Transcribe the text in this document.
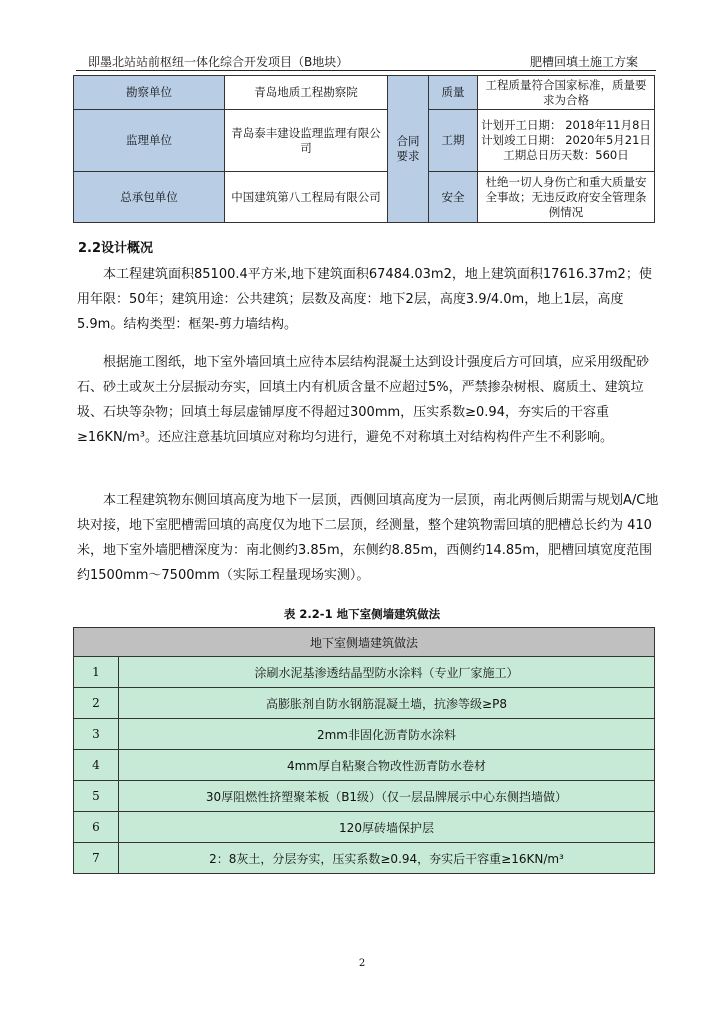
即墨北站站前枢纽一体化综合开发项目（B地块）	肥槽回填土施工方案
勘察单位	青岛地质工程勘察院	合同要求	质量	工程质量符合国家标准，质量要
求为合格

监理单位	青岛泰丰建设监理监理有限公司		工期	计划开工日期： 2018年11月8日
计划竣工日期： 2020年5月21日
工期总日历天数：560日

总承包单位	中国建筑第八工程局有限公司		安全	杜绝一切人身伤亡和重大质量安
全事故；无违反政府安全管理条
例情况
2.2设计概况

本工程建筑面积85100.4平方米,地下建筑面积67484.03m2，地上建筑面积17616.37m2；使用年限：50年；建筑用途：公共建筑；层数及高度：地下2层，高度3.9/4.0m，地上1层，高度5.9m。结构类型：框架-剪力墙结构。

根据施工图纸，地下室外墙回填土应待本层结构混凝土达到设计强度后方可回填，应采用级配砂石、砂土或灰土分层振动夯实，回填土内有机质含量不应超过5%，严禁掺杂树根、腐质土、建筑垃圾、石块等杂物；回填土每层虚铺厚度不得超过300mm，压实系数≥0.94，夯实后的干容重≥16KN/m³。还应注意基坑回填应对称均匀进行，避免不对称填土对结构构件产生不利影响。

本工程建筑物东侧回填高度为地下一层顶，西侧回填高度为一层顶，南北两侧后期需与规划A/C地块对接，地下室肥槽需回填的高度仅为地下二层顶，经测量，整个建筑物需回填的肥槽总长约为 410 米，地下室外墙肥槽深度为：南北侧约3.85m，东侧约8.85m，西侧约14.85m，肥槽回填宽度范围约1500mm～7500mm（实际工程量现场实测）。

表 2.2-1 地下室侧墙建筑做法
地下室侧墙建筑做法	
1	涂刷水泥基渗透结晶型防水涂料（专业厂家施工）
2	高膨胀剂自防水钢筋混凝土墙，抗渗等级≥P8
3	2mm非固化沥青防水涂料
4	4mm厚自粘聚合物改性沥青防水卷材
5	30厚阻燃性挤塑聚苯板（B1级）（仅一层品牌展示中心东侧挡墙做）
6	120厚砖墙保护层
7	2：8灰土，分层夯实，压实系数≥0.94，夯实后干容重≥16KN/m³
2
